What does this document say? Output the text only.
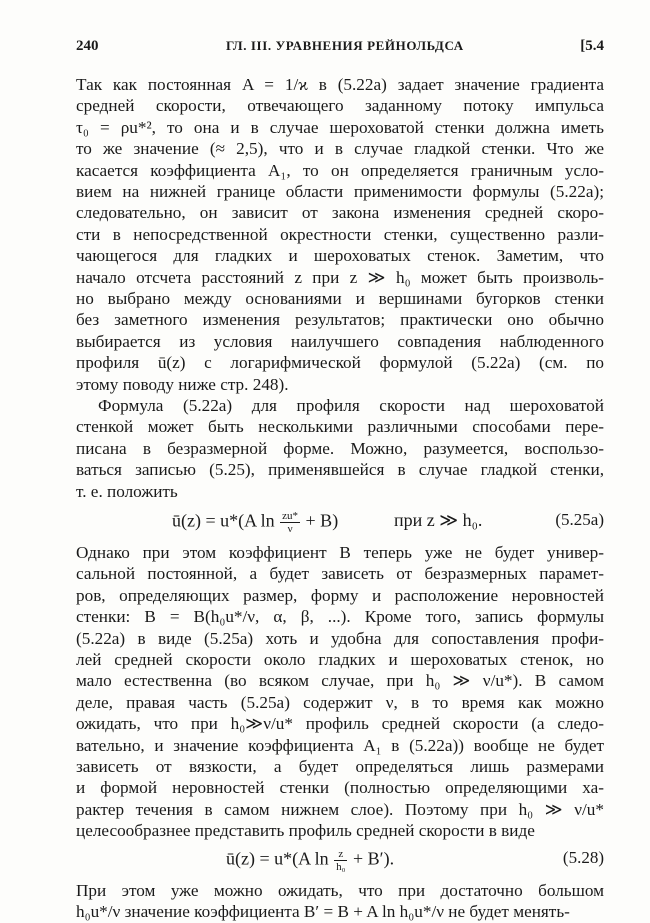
240	ГЛ. III. УРАВНЕНИЯ РЕЙНОЛЬДСА	[5.4
Так как постоянная A = 1/ϰ в (5.22a) задает значение градиента
средней скорости, отвечающего заданному потоку импульса
τ₀ = ρu*², то она и в случае шероховатой стенки должна иметь
то же значение (≈ 2,5), что и в случае гладкой стенки. Что же
касается коэффициента A₁, то он определяется граничным усло-
вием на нижней границе области применимости формулы (5.22a);
следовательно, он зависит от закона изменения средней скоро-
сти в непосредственной окрестности стенки, существенно разли-
чающегося для гладких и шероховатых стенок. Заметим, что
начало отсчета расстояний z при z ≫ h₀ может быть произволь-
но выбрано между основаниями и вершинами бугорков стенки
без заметного изменения результатов; практически оно обычно
выбирается из условия наилучшего совпадения наблюденного
профиля ū(z) с логарифмической формулой (5.22a) (см. по
этому поводу ниже стр. 248).
Формула (5.22a) для профиля скорости над шероховатой
стенкой может быть несколькими различными способами пере-
писана в безразмерной форме. Можно, разумеется, воспользо-
ваться записью (5.25), применявшейся в случае гладкой стенки,
т. е. положить
ū(z) = u*(A $\ln \frac{zu*}{\nu} + B$)	при z ≫ h₀.	(5.25a)
Однако при этом коэффициент B теперь уже не будет универ-
сальной постоянной, а будет зависеть от безразмерных парамет-
ров, определяющих размер, форму и расположение неровностей
стенки: B = B(h₀u*/ν, α, β, ...). Кроме того, запись формулы
(5.22a) в виде (5.25a) хоть и удобна для сопоставления профи-
лей средней скорости около гладких и шероховатых стенок, но
мало естественна (во всяком случае, при h₀ ≫ ν/u*). В самом
деле, правая часть (5.25a) содержит ν, в то время как можно
ожидать, что при h₀≫ν/u* профиль средней скорости (а следо-
вательно, и значение коэффициента A₁ в (5.22a)) вообще не будет
зависеть от вязкости, а будет определяться лишь размерами
и формой неровностей стенки (полностью определяющими ха-
рактер течения в самом нижнем слое). Поэтому при h₀ ≫ ν/u*
целесообразнее представить профиль средней скорости в виде
ū(z) = u*(A $\ln \frac{z}{\text{h₀}} + B'$).	(5.28)
При этом уже можно ожидать, что при достаточно большом
h₀u*/ν значение коэффициента B′ = B + A ln h₀u*/ν не будет менять-
